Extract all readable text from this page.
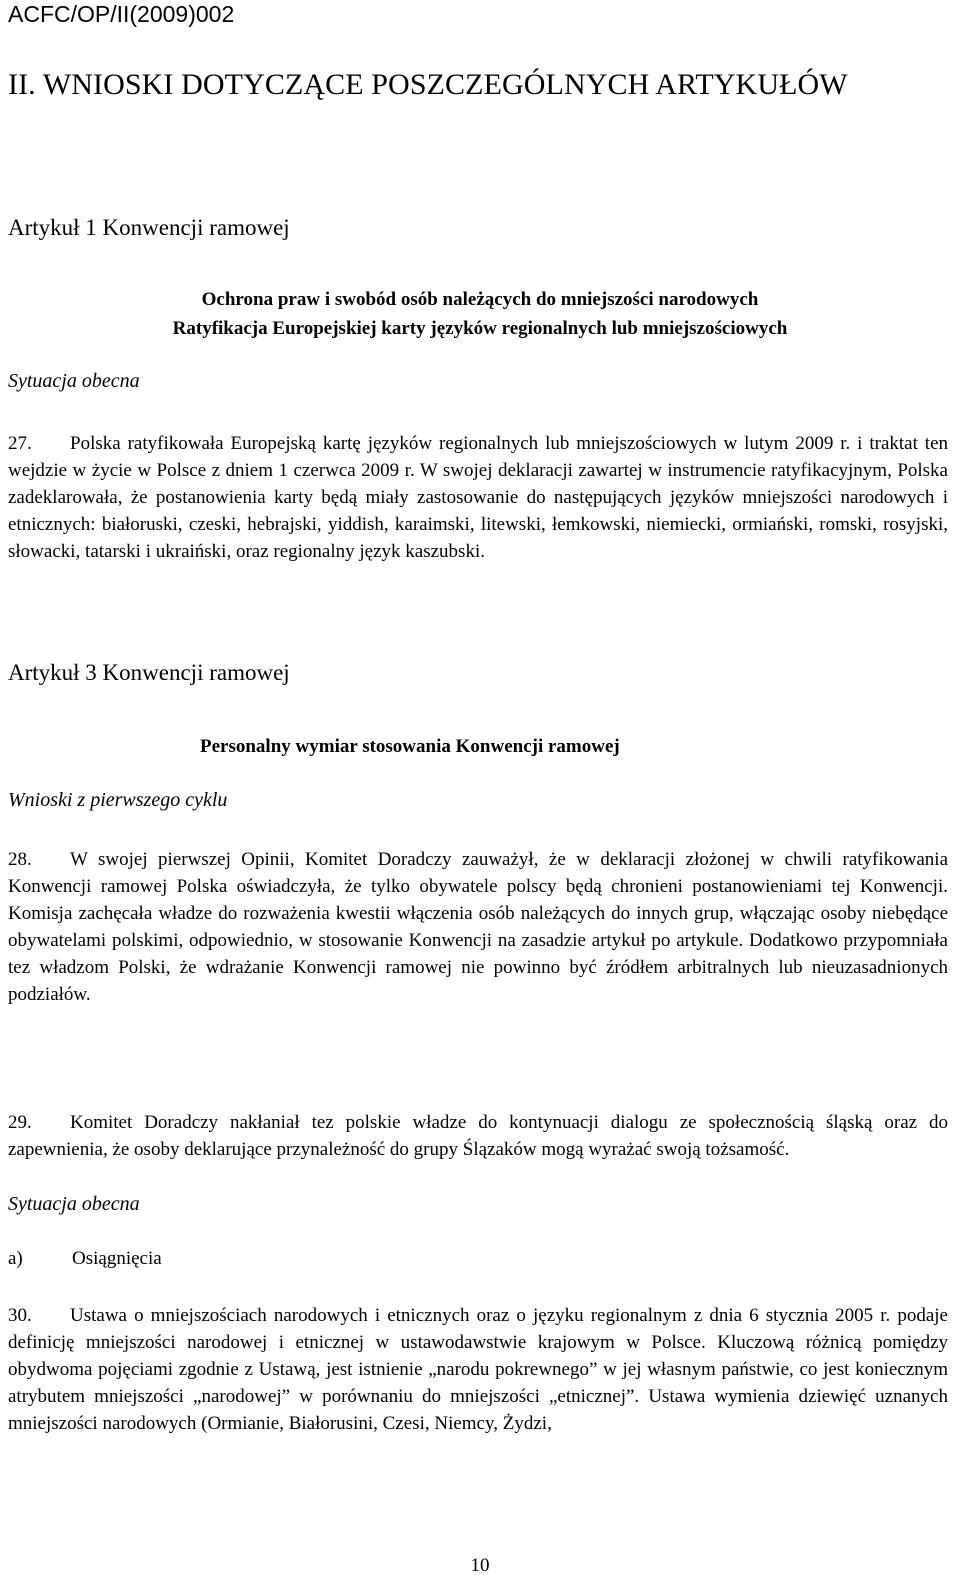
ACFC/OP/II(2009)002
II. WNIOSKI DOTYCZĄCE POSZCZEGÓLNYCH ARTYKUŁÓW
Artykuł 1 Konwencji ramowej
Ochrona praw i swobód osób należących do mniejszości narodowych
Ratyfikacja Europejskiej karty języków regionalnych lub mniejszościowych
Sytuacja obecna
27. Polska ratyfikowała Europejską kartę języków regionalnych lub mniejszościowych w lutym 2009 r. i traktat ten wejdzie w życie w Polsce z dniem 1 czerwca 2009 r. W swojej deklaracji zawartej w instrumencie ratyfikacyjnym, Polska zadeklarowała, że postanowienia karty będą miały zastosowanie do następujących języków mniejszości narodowych i etnicznych: białoruski, czeski, hebrajski, yiddish, karaimski, litewski, łemkowski, niemiecki, ormiański, romski, rosyjski, słowacki, tatarski i ukraiński, oraz regionalny język kaszubski.
Artykuł 3 Konwencji ramowej
Personalny wymiar stosowania Konwencji ramowej
Wnioski z pierwszego cyklu
28. W swojej pierwszej Opinii, Komitet Doradczy zauważył, że w deklaracji złożonej w chwili ratyfikowania Konwencji ramowej Polska oświadczyła, że tylko obywatele polscy będą chronieni postanowieniami tej Konwencji. Komisja zachęcała władze do rozważenia kwestii włączenia osób należących do innych grup, włączając osoby niebędące obywatelami polskimi, odpowiednio, w stosowanie Konwencji na zasadzie artykuł po artykule. Dodatkowo przypomniała tez władzom Polski, że wdrażanie Konwencji ramowej nie powinno być źródłem arbitralnych lub nieuzasadnionych podziałów.
29. Komitet Doradczy nakłaniał tez polskie władze do kontynuacji dialogu ze społecznością śląską oraz do zapewnienia, że osoby deklarujące przynależność do grupy Ślązaków mogą wyrażać swoją tożsamość.
Sytuacja obecna
a)	Osiągnięcia
30. Ustawa o mniejszościach narodowych i etnicznych oraz o języku regionalnym z dnia 6 stycznia 2005 r. podaje definicję mniejszości narodowej i etnicznej w ustawodawstwie krajowym w Polsce. Kluczową różnicą pomiędzy obydwoma pojęciami zgodnie z Ustawą, jest istnienie „narodu pokrewnego” w jej własnym państwie, co jest koniecznym atrybutem mniejszości „narodowej” w porównaniu do mniejszości „etnicznej”. Ustawa wymienia dziewięć uznanych mniejszości narodowych (Ormianie, Białorusini, Czesi, Niemcy, Żydzi,
10
